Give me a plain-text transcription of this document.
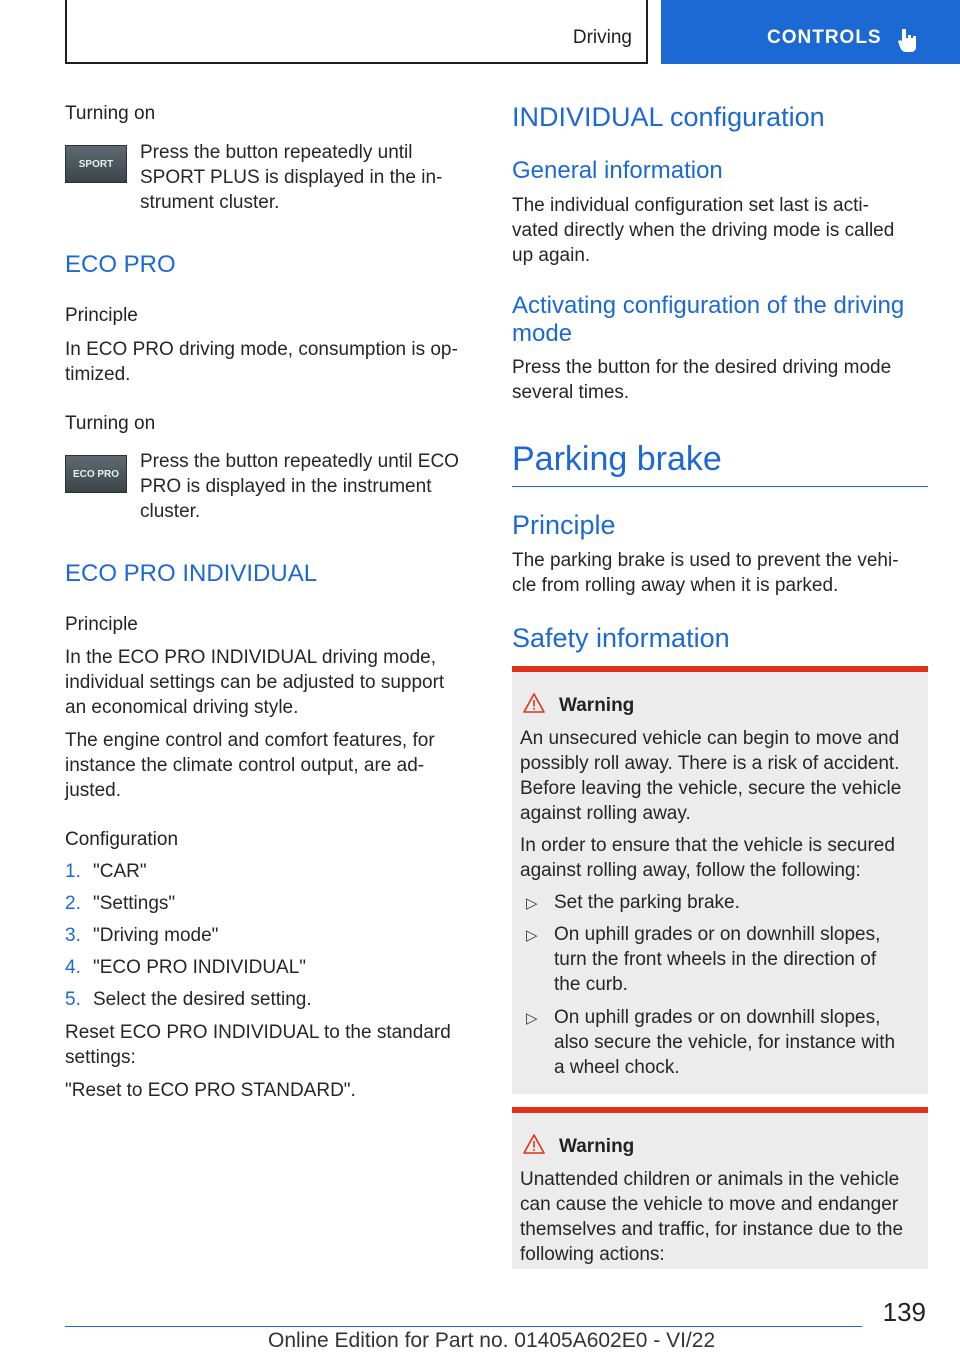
Driving	CONTROLS
Turning on
SPORT
Press the button repeatedly until
SPORT PLUS is displayed in the in-
strument cluster.
ECO PRO
Principle
In ECO PRO driving mode, consumption is op-
timized.
Turning on
ECO PRO
Press the button repeatedly until ECO
PRO is displayed in the instrument
cluster.
ECO PRO INDIVIDUAL
Principle
In the ECO PRO INDIVIDUAL driving mode,
individual settings can be adjusted to support
an economical driving style.
The engine control and comfort features, for
instance the climate control output, are ad-
justed.
Configuration
1. "CAR"
2. "Settings"
3. "Driving mode"
4. "ECO PRO INDIVIDUAL"
5. Select the desired setting.
Reset ECO PRO INDIVIDUAL to the standard
settings:
"Reset to ECO PRO STANDARD".
INDIVIDUAL configuration
General information
The individual configuration set last is acti-
vated directly when the driving mode is called
up again.
Activating configuration of the driving
mode
Press the button for the desired driving mode
several times.
Parking brake
Principle
The parking brake is used to prevent the vehi-
cle from rolling away when it is parked.
Safety information
Warning
An unsecured vehicle can begin to move and
possibly roll away. There is a risk of accident.
Before leaving the vehicle, secure the vehicle
against rolling away.
In order to ensure that the vehicle is secured
against rolling away, follow the following:
▷ Set the parking brake.
▷ On uphill grades or on downhill slopes,
turn the front wheels in the direction of
the curb.
▷ On uphill grades or on downhill slopes,
also secure the vehicle, for instance with
a wheel chock.
Warning
Unattended children or animals in the vehicle
can cause the vehicle to move and endanger
themselves and traffic, for instance due to the
following actions:
139
Online Edition for Part no. 01405A602E0 - VI/22
